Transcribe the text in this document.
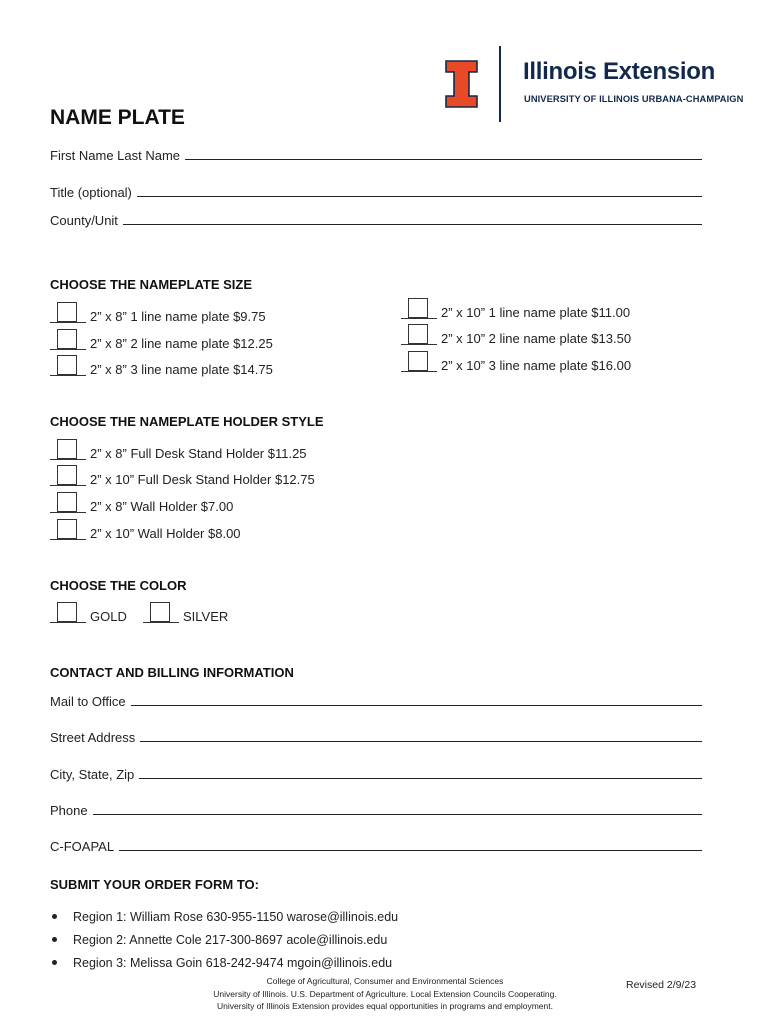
Illinois Extension
UNIVERSITY OF ILLINOIS URBANA-CHAMPAIGN
NAME PLATE
First Name Last Name
Title (optional)
County/Unit
CHOOSE THE NAMEPLATE SIZE
2” x 8” 1 line name plate $9.75
2” x 8” 2 line name plate $12.25
2” x 8” 3 line name plate $14.75
2” x 10” 1 line name plate $11.00
2” x 10” 2 line name plate $13.50
2” x 10” 3 line name plate $16.00
CHOOSE THE NAMEPLATE HOLDER STYLE
2” x 8” Full Desk Stand Holder $11.25
2” x 10” Full Desk Stand Holder $12.75
2” x 8” Wall Holder $7.00
2” x 10” Wall Holder $8.00
CHOOSE THE COLOR
GOLD	SILVER
CONTACT AND BILLING INFORMATION
Mail to Office
Street Address
City, State, Zip
Phone
C-FOAPAL
SUBMIT YOUR ORDER FORM TO:
Region 1: William Rose 630-955-1150 warose@illinois.edu
Region 2: Annette Cole 217-300-8697 acole@illinois.edu
Region 3: Melissa Goin 618-242-9474 mgoin@illinois.edu
College of Agricultural, Consumer and Environmental Sciences
University of Illinois. U.S. Department of Agriculture. Local Extension Councils Cooperating.
University of Illinois Extension provides equal opportunities in programs and employment.
Revised 2/9/23
